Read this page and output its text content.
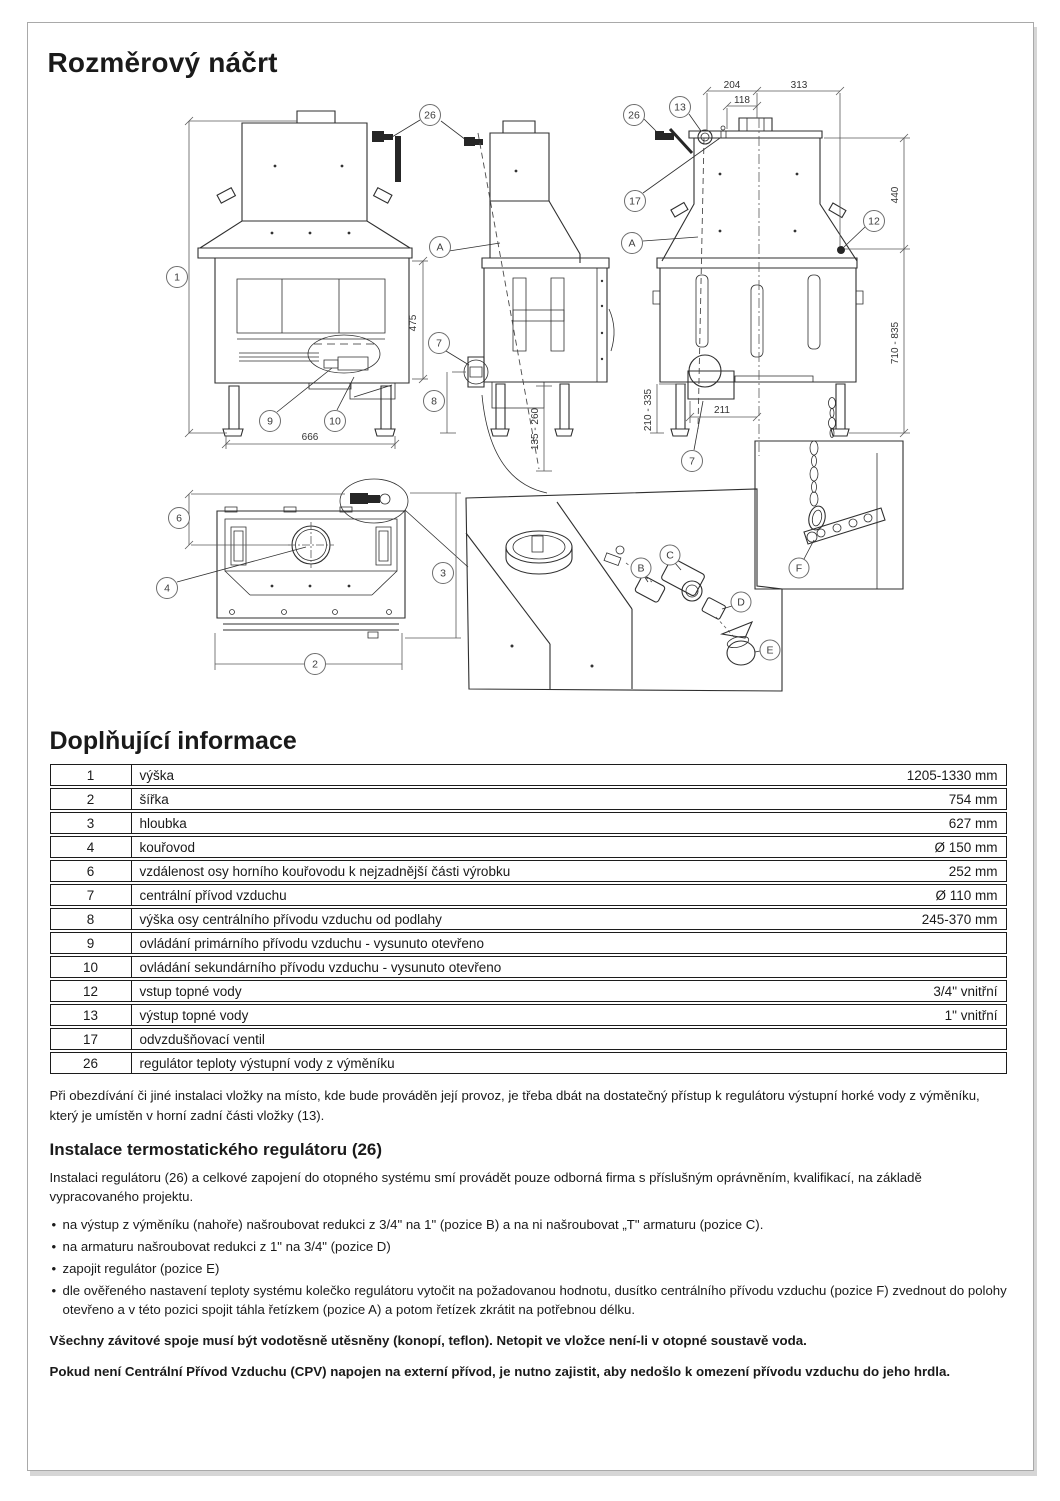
Rozměrový náčrt
475
666
1
9	10
26
8
135 - 260
A
7
204	313
118
440
710 - 835
210 - 335	211
13
26
17
A
12
7
6
4
2
3	B
C
D
E
F
Doplňující informace
1	výška	1205-1330 mm
2	šířka	754 mm
3	hloubka	627 mm
4	kouřovod	Ø 150 mm
6	vzdálenost osy horního kouřovodu k nejzadnější části výrobku	252 mm
7	centrální přívod vzduchu	Ø 110 mm
8	výška osy centrálního přívodu vzduchu od podlahy	245-370 mm
9	ovládání primárního přívodu vzduchu - vysunuto otevřeno
10	ovládání sekundárního přívodu vzduchu - vysunuto otevřeno
12	vstup topné vody	3/4" vnitřní
13	výstup topné vody	1" vnitřní
17	odvzdušňovací ventil
26	regulátor teploty výstupní vody z výměníku

Při obezdívání či jiné instalaci vložky na místo, kde bude prováděn její provoz, je třeba dbát na dostatečný přístup k regulátoru výstupní horké vody z výměníku, který je umístěn v horní zadní části vložky (13).

Instalace termostatického regulátoru (26)

Instalaci regulátoru (26) a celkové zapojení do otopného systému smí provádět pouze odborná firma s příslušným oprávněním, kvalifikací, na základě vypracovaného projektu.

• na výstup z výměníku (nahoře) našroubovat redukci z 3/4" na 1" (pozice B) a na ni našroubovat „T" armaturu (pozice C).
• na armaturu našroubovat redukci z 1" na 3/4" (pozice D)
• zapojit regulátor (pozice E)
• dle ověřeného nastavení teploty systému kolečko regulátoru vytočit na požadovanou hodnotu, dusítko centrálního přívodu vzduchu (pozice F) zvednout do polohy otevřeno a v této pozici spojit táhla řetízkem (pozice A) a potom řetízek zkrátit na potřebnou délku.

Všechny závitové spoje musí být vodotěsně utěsněny (konopí, teflon). Netopit ve vložce není-li v otopné soustavě voda.

Pokud není Centrální Přívod Vzduchu (CPV) napojen na externí přívod, je nutno zajistit, aby nedošlo k omezení přívodu vzduchu do jeho hrdla.
